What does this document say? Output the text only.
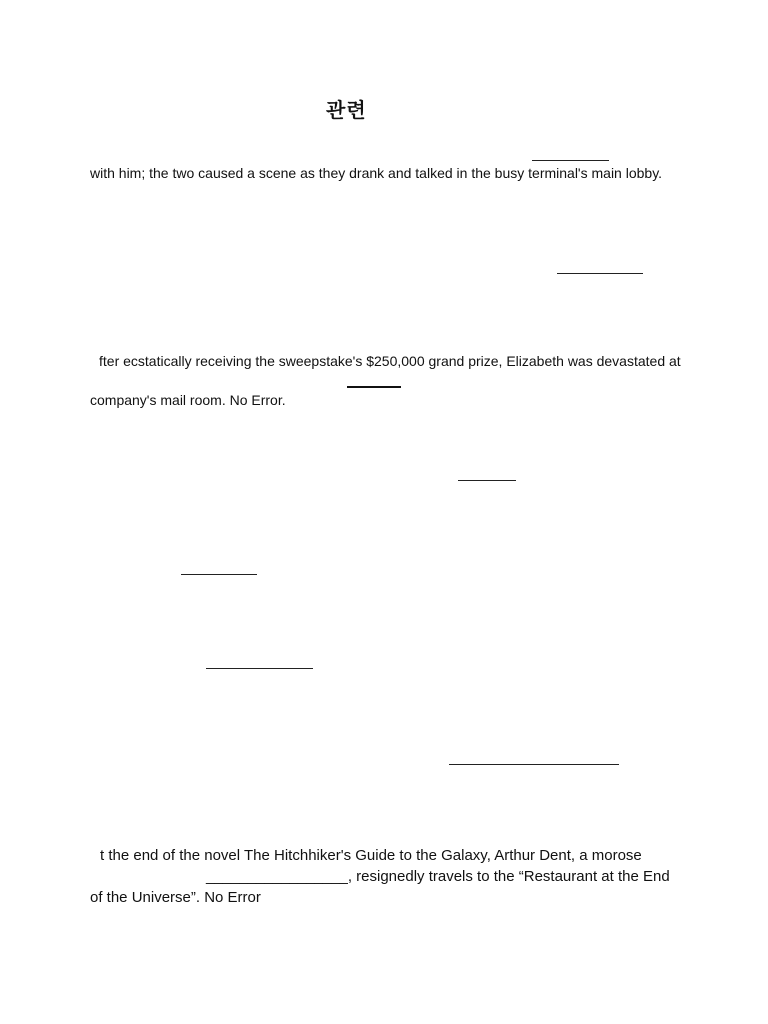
관련
with him; the two caused a scene as they drank and talked in the busy terminal's main lobby.
fter ecstatically receiving the sweepstake's $250,000 grand prize, Elizabeth was devastated at
company's mail room. No Error.
t the end of the novel The Hitchhiker's Guide to the Galaxy, Arthur Dent, a morose
_________________, resignedly travels to the “Restaurant at the End
of the Universe”. No Error
